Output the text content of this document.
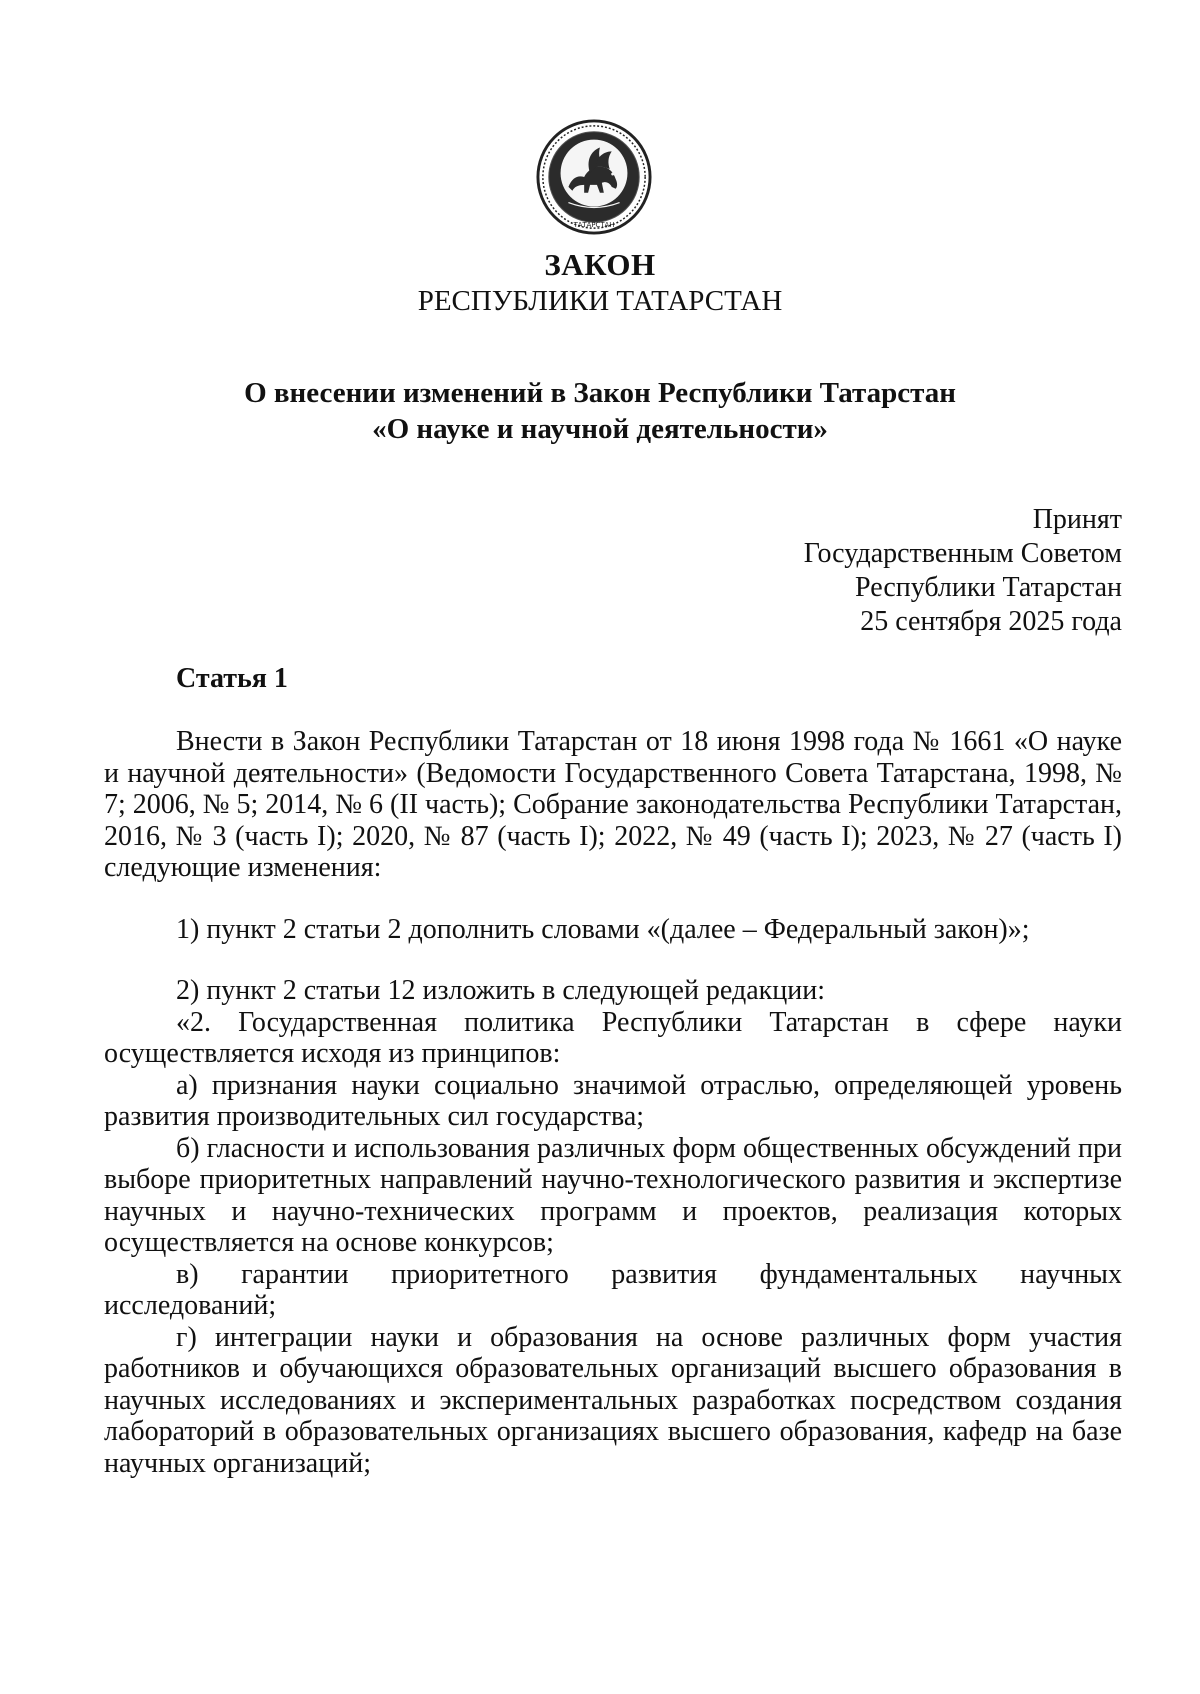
ТАТАРСТАН
ЗАКОН
РЕСПУБЛИКИ ТАТАРСТАН
О внесении изменений в Закон Республики Татарстан
«О науке и научной деятельности»
Принят
Государственным Советом
Республики Татарстан
25 сентября 2025 года
Статья 1

Внести в Закон Республики Татарстан от 18 июня 1998 года № 1661 «О науке и научной деятельности» (Ведомости Государственного Совета Татарстана, 1998, № 7; 2006, № 5; 2014, № 6 (II часть); Собрание законодательства Республики Татарстан, 2016, № 3 (часть I); 2020, № 87 (часть I); 2022, № 49 (часть I); 2023, № 27 (часть I) следующие изменения:

1) пункт 2 статьи 2 дополнить словами «(далее – Федеральный закон)»;

2) пункт 2 статьи 12 изложить в следующей редакции:

«2. Государственная политика Республики Татарстан в сфере науки осуществляется исходя из принципов:

а) признания науки социально значимой отраслью, определяющей уровень развития производительных сил государства;

б) гласности и использования различных форм общественных обсуждений при выборе приоритетных направлений научно-технологического развития и экспертизе научных и научно-технических программ и проектов, реализация которых осуществляется на основе конкурсов;

в) гарантии приоритетного развития фундаментальных научных исследований;

г) интеграции науки и образования на основе различных форм участия работников и обучающихся образовательных организаций высшего образования в научных исследованиях и экспериментальных разработках посредством создания лабораторий в образовательных организациях высшего образования, кафедр на базе научных организаций;
